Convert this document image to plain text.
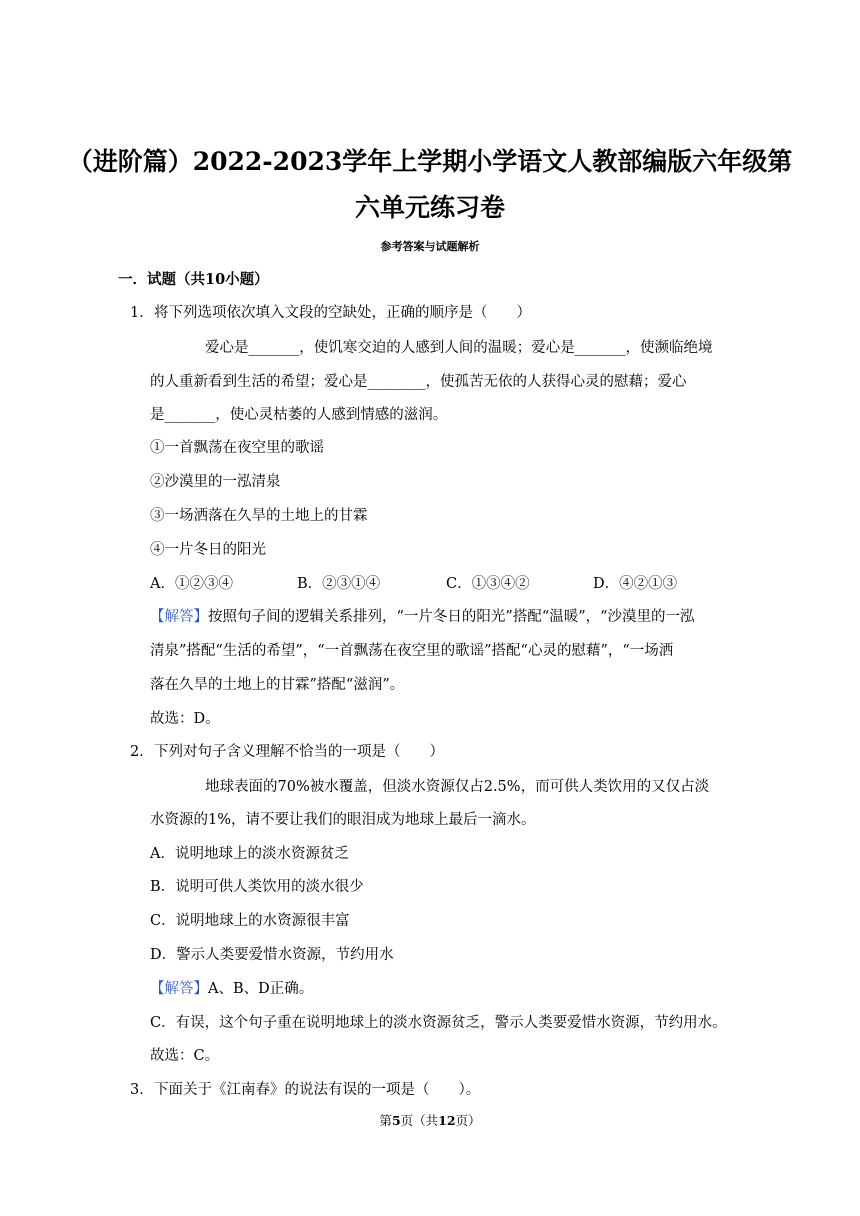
（进阶篇）2022-2023学年上学期小学语文人教部编版六年级第
六单元练习卷
参考答案与试题解析
一．试题（共10小题）
1． 将下列选项依次填入文段的空缺处，正确的顺序是（　　）
爱心是_______，使饥寒交迫的人感到人间的温暖；爱心是_______，使濒临绝境
的人重新看到生活的希望；爱心是________，使孤苦无依的人获得心灵的慰藉；爱心
是_______，使心灵枯萎的人感到情感的滋润。
①一首飘荡在夜空里的歌谣
②沙漠里的一泓清泉
③一场洒落在久旱的土地上的甘霖
④一片冬日的阳光
A．①②③④	B．②③①④	C．①③④②	D．④②①③
【解答】按照句子间的逻辑关系排列，“一片冬日的阳光”搭配“温暖”，“沙漠里的一泓
清泉”搭配“生活的希望”，“一首飘荡在夜空里的歌谣”搭配“心灵的慰藉”，“一场洒
落在久旱的土地上的甘霖”搭配“滋润”。
故选：D。
2． 下列对句子含义理解不恰当的一项是（　　）
地球表面的70%被水覆盖，但淡水资源仅占2.5%，而可供人类饮用的又仅占淡
水资源的1%，请不要让我们的眼泪成为地球上最后一滴水。
A．说明地球上的淡水资源贫乏
B．说明可供人类饮用的淡水很少
C．说明地球上的水资源很丰富
D．警示人类要爱惜水资源，节约用水
【解答】A、B、D正确。
C．有误，这个句子重在说明地球上的淡水资源贫乏，警示人类要爱惜水资源，节约用水。
故选：C。
3． 下面关于《江南春》的说法有误的一项是（　　）。
第5页（共12页）
